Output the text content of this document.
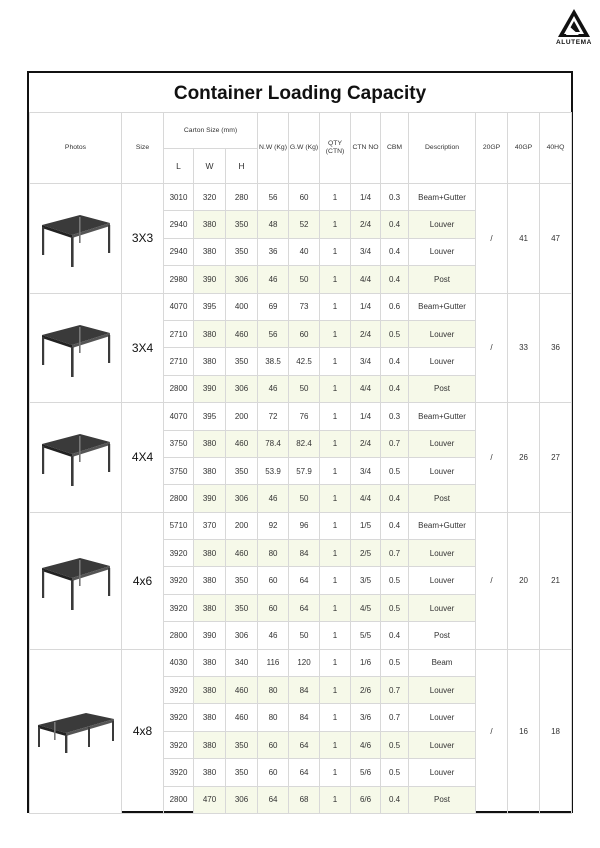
ALUTEMA
Container Loading Capacity
Photos	Size	Carton Size (mm)			N.W (Kg)	G.W (Kg)	QTY (CTN)	CTN NO	CBM	Description	20GP	40GP	40HQ
		L	W	H									

	3X3	3010	320	280	56	60	1	1/4	0.3	Beam+Gutter	/	41	47
		2940	380	350	48	52	1	2/4	0.4	Louver			
		2940	380	350	36	40	1	3/4	0.4	Louver			
		2980	390	306	46	50	1	4/4	0.4	Post			

	3X4	4070	395	400	69	73	1	1/4	0.6	Beam+Gutter	/	33	36
		2710	380	460	56	60	1	2/4	0.5	Louver			
		2710	380	350	38.5	42.5	1	3/4	0.4	Louver			
		2800	390	306	46	50	1	4/4	0.4	Post			

	4X4	4070	395	200	72	76	1	1/4	0.3	Beam+Gutter	/	26	27
		3750	380	460	78.4	82.4	1	2/4	0.7	Louver			
		3750	380	350	53.9	57.9	1	3/4	0.5	Louver			
		2800	390	306	46	50	1	4/4	0.4	Post			

	4x6	5710	370	200	92	96	1	1/5	0.4	Beam+Gutter	/	20	21
		3920	380	460	80	84	1	2/5	0.7	Louver			
		3920	380	350	60	64	1	3/5	0.5	Louver			
		3920	380	350	60	64	1	4/5	0.5	Louver			
		2800	390	306	46	50	1	5/5	0.4	Post			

	4x8	4030	380	340	116	120	1	1/6	0.5	Beam	/	16	18
		3920	380	460	80	84	1	2/6	0.7	Louver			
		3920	380	460	80	84	1	3/6	0.7	Louver			
		3920	380	350	60	64	1	4/6	0.5	Louver			
		3920	380	350	60	64	1	5/6	0.5	Louver			
		2800	470	306	64	68	1	6/6	0.4	Post			
